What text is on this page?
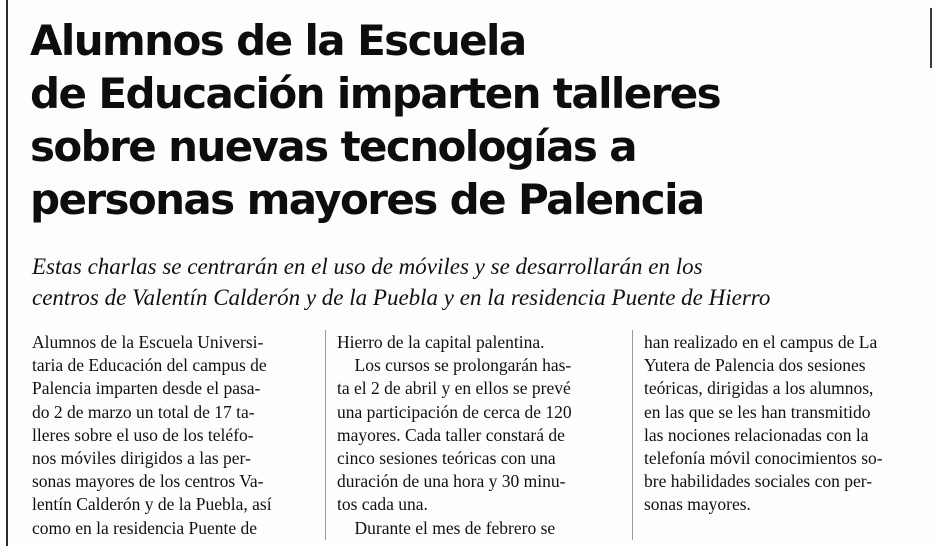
Alumnos de la Escuela
de Educación imparten talleres
sobre nuevas tecnologías a
personas mayores de Palencia

Estas charlas se centrarán en el uso de móviles y se desarrollarán en los
centros de Valentín Calderón y de la Puebla y en la residencia Puente de Hierro

Alumnos de la Escuela Universi-
taria de Educación del campus de
Palencia imparten desde el pasa-
do 2 de marzo un total de 17 ta-
lleres sobre el uso de los teléfo-
nos móviles dirigidos a las per-
sonas mayores de los centros Va-
lentín Calderón y de la Puebla, así
como en la residencia Puente de
Hierro de la capital palentina.
Los cursos se prolongarán has-
ta el 2 de abril y en ellos se prevé
una participación de cerca de 120
mayores. Cada taller constará de
cinco sesiones teóricas con una
duración de una hora y 30 minu-
tos cada una.
Durante el mes de febrero se
han realizado en el campus de La
Yutera de Palencia dos sesiones
teóricas, dirigidas a los alumnos,
en las que se les han transmitido
las nociones relacionadas con la
telefonía móvil conocimientos so-
bre habilidades sociales con per-
sonas mayores.
